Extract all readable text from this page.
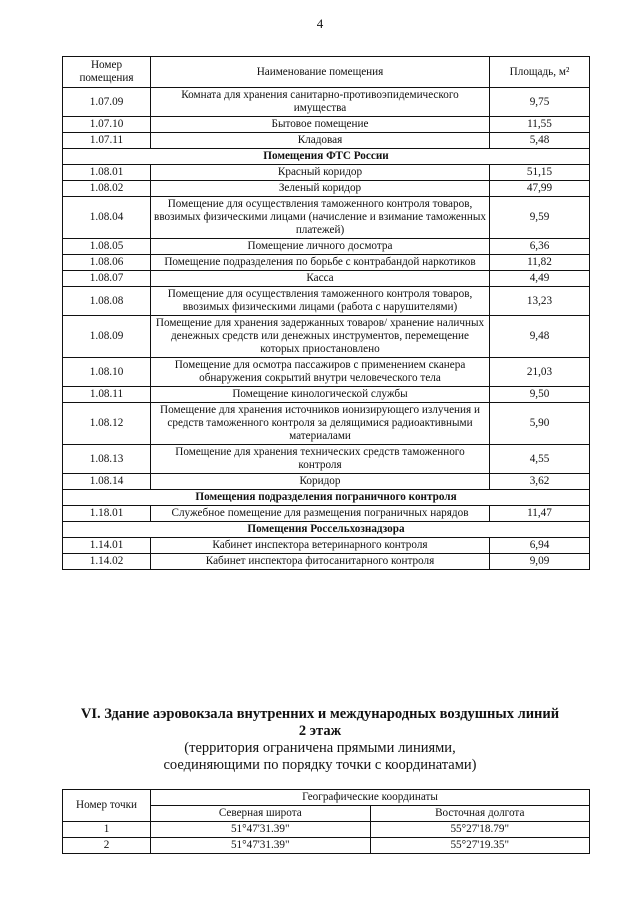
4
Номер помещения	Наименование помещения	Площадь, м²
1.07.09	Комната для хранения санитарно-противоэпидемического имущества	9,75
1.07.10	Бытовое помещение	11,55
1.07.11	Кладовая	5,48
Помещения ФТС России		
1.08.01	Красный коридор	51,15
1.08.02	Зеленый коридор	47,99
1.08.04	Помещение для осуществления таможенного контроля товаров, ввозимых физическими лицами (начисление и взимание таможенных платежей)	9,59
1.08.05	Помещение личного досмотра	6,36
1.08.06	Помещение подразделения по борьбе с контрабандой наркотиков	11,82
1.08.07	Касса	4,49
1.08.08	Помещение для осуществления таможенного контроля товаров, ввозимых физическими лицами (работа с нарушителями)	13,23
1.08.09	Помещение для хранения задержанных товаров/ хранение наличных денежных средств или денежных инструментов, перемещение которых приостановлено	9,48
1.08.10	Помещение для осмотра пассажиров с применением сканера обнаружения сокрытий внутри человеческого тела	21,03
1.08.11	Помещение кинологической службы	9,50
1.08.12	Помещение для хранения источников ионизирующего излучения и средств таможенного контроля за делящимися радиоактивными материалами	5,90
1.08.13	Помещение для хранения технических средств таможенного контроля	4,55
1.08.14	Коридор	3,62
Помещения подразделения пограничного контроля		
1.18.01	Служебное помещение для размещения пограничных нарядов	11,47
Помещения Россельхознадзора		
1.14.01	Кабинет инспектора ветеринарного контроля	6,94
1.14.02	Кабинет инспектора фитосанитарного контроля	9,09
VI. Здание аэровокзала внутренних и международных воздушных линий
2 этаж
(территория ограничена прямыми линиями,
соединяющими по порядку точки с координатами)
Номер точки	Географические координаты	
	Северная широта	Восточная долгота
1	51°47'31.39"	55°27'18.79"
2	51°47'31.39"	55°27'19.35"
